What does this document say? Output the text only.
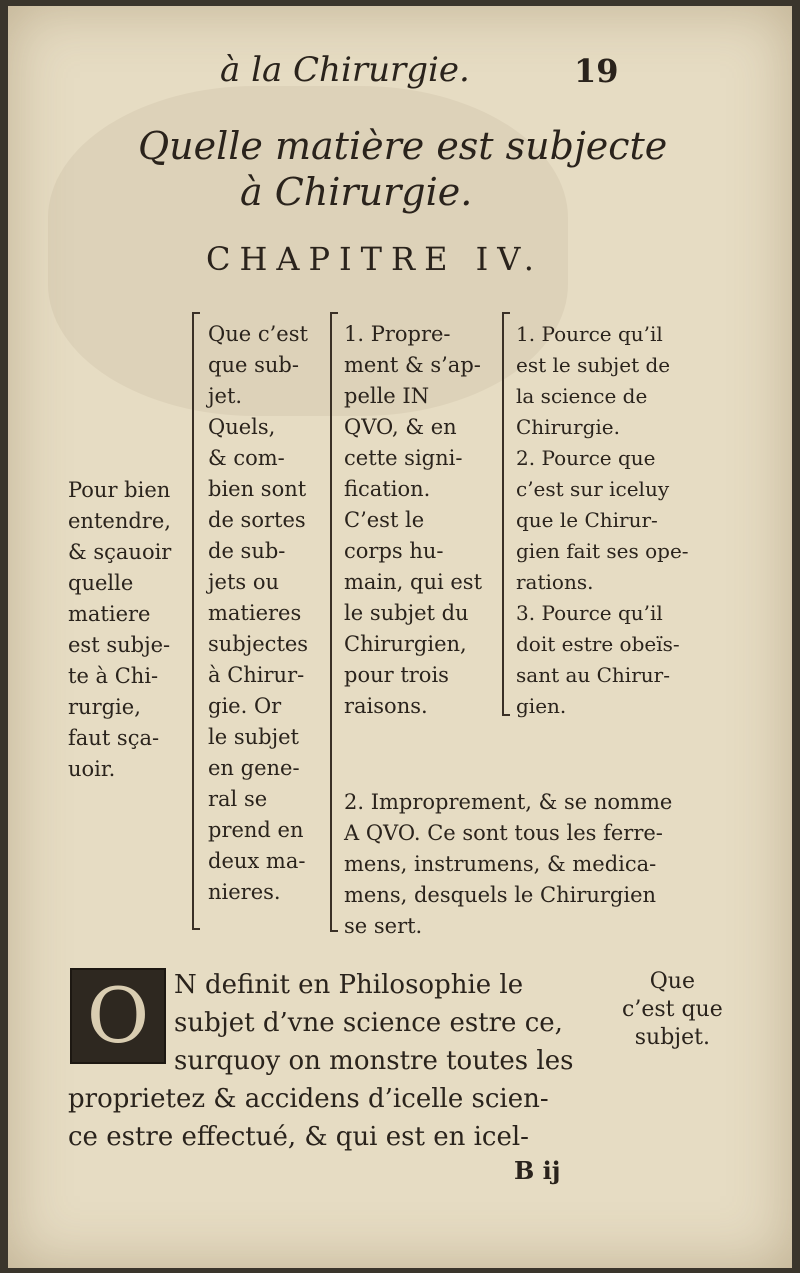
à la Chirurgie.	19
Quelle matière est subjecte
à Chirurgie.
CHAPITRE IV.
Pour bien
entendre,
& sçauoir
quelle
matiere
est subje-
te à Chi-
rurgie,
faut sça-
uoir.
Que c’est
que sub-
jet.
Quels,
& com-
bien sont
de sortes
de sub-
jets ou
matieres
subjectes
à Chirur-
gie. Or
le subjet
en gene-
ral se
prend en
deux ma-
nieres.
1. Propre-
ment & s’ap-
pelle IN
QVO, & en
cette signi-
fication.
C’est le
corps hu-
main, qui est
le subjet du
Chirurgien,
pour trois
raisons.
1. Pource qu’il
est le subjet de
la science de
Chirurgie.
2. Pource que
c’est sur iceluy
que le Chirur-
gien fait ses ope-
rations.
3. Pource qu’il
doit estre obeïs-
sant au Chirur-
gien.
2. Improprement, & se nomme
A QVO. Ce sont tous les ferre-
mens, instrumens, & medica-
mens, desquels le Chirurgien
se sert.
O N definit en Philosophie le
subjet d’vne science estre ce,
surquoy on monstre toutes les
proprietez & accidens d’icelle scien-
ce estre effectué, & qui est en icel-
Que
c’est que
subjet.
B ij
